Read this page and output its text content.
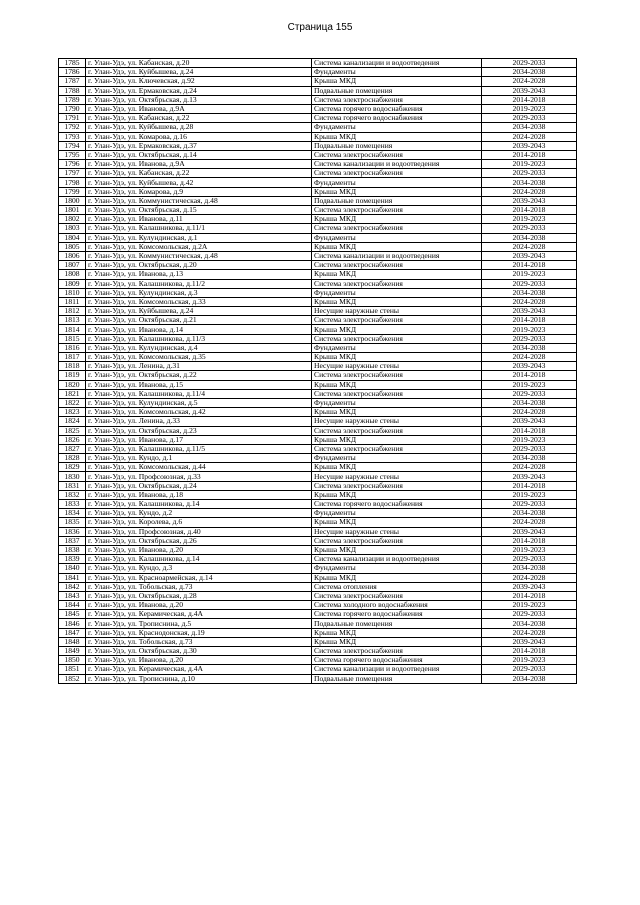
Страница 155
1785	г. Улан-Удэ, ул. Кабанская, д.20	Система канализации и водоотведения	2029-2033
1786	г. Улан-Удэ, ул. Куйбышева, д.24	Фундаменты	2034-2038
1787	г. Улан-Удэ, ул. Ключевская, д.92	Крыша МКД	2024-2028
1788	г. Улан-Удэ, ул. Ермаковская, д.24	Подвальные помещения	2039-2043
1789	г. Улан-Удэ, ул. Октябрьская, д.13	Система электроснабжения	2014-2018
1790	г. Улан-Удэ, ул. Иванова, д.9А	Система горячего водоснабжения	2019-2023
1791	г. Улан-Удэ, ул. Кабанская, д.22	Система горячего водоснабжения	2029-2033
1792	г. Улан-Удэ, ул. Куйбышева, д.28	Фундаменты	2034-2038
1793	г. Улан-Удэ, ул. Комарова, д.16	Крыша МКД	2024-2028
1794	г. Улан-Удэ, ул. Ермаковская, д.37	Подвальные помещения	2039-2043
1795	г. Улан-Удэ, ул. Октябрьская, д.14	Система электроснабжения	2014-2018
1796	г. Улан-Удэ, ул. Иванова, д.9А	Система канализации и водоотведения	2019-2023
1797	г. Улан-Удэ, ул. Кабанская, д.22	Система электроснабжения	2029-2033
1798	г. Улан-Удэ, ул. Куйбышева, д.42	Фундаменты	2034-2038
1799	г. Улан-Удэ, ул. Комарова, д.9	Крыша МКД	2024-2028
1800	г. Улан-Удэ, ул. Коммунистическая, д.48	Подвальные помещения	2039-2043
1801	г. Улан-Удэ, ул. Октябрьская, д.15	Система электроснабжения	2014-2018
1802	г. Улан-Удэ, ул. Иванова, д.11	Крыша МКД	2019-2023
1803	г. Улан-Удэ, ул. Калашникова, д.11/1	Система электроснабжения	2029-2033
1804	г. Улан-Удэ, ул. Кулундинская, д.1	Фундаменты	2034-2038
1805	г. Улан-Удэ, ул. Комсомольская, д.2А	Крыша МКД	2024-2028
1806	г. Улан-Удэ, ул. Коммунистическая, д.48	Система канализации и водоотведения	2039-2043
1807	г. Улан-Удэ, ул. Октябрьская, д.20	Система электроснабжения	2014-2018
1808	г. Улан-Удэ, ул. Иванова, д.13	Крыша МКД	2019-2023
1809	г. Улан-Удэ, ул. Калашникова, д.11/2	Система электроснабжения	2029-2033
1810	г. Улан-Удэ, ул. Кулундинская, д.3	Фундаменты	2034-2038
1811	г. Улан-Удэ, ул. Комсомольская, д.33	Крыша МКД	2024-2028
1812	г. Улан-Удэ, ул. Куйбышева, д.24	Несущие наружные стены	2039-2043
1813	г. Улан-Удэ, ул. Октябрьская, д.21	Система электроснабжения	2014-2018
1814	г. Улан-Удэ, ул. Иванова, д.14	Крыша МКД	2019-2023
1815	г. Улан-Удэ, ул. Калашникова, д.11/3	Система электроснабжения	2029-2033
1816	г. Улан-Удэ, ул. Кулундинская, д.4	Фундаменты	2034-2038
1817	г. Улан-Удэ, ул. Комсомольская, д.35	Крыша МКД	2024-2028
1818	г. Улан-Удэ, ул. Ленина, д.31	Несущие наружные стены	2039-2043
1819	г. Улан-Удэ, ул. Октябрьская, д.22	Система электроснабжения	2014-2018
1820	г. Улан-Удэ, ул. Иванова, д.15	Крыша МКД	2019-2023
1821	г. Улан-Удэ, ул. Калашникова, д.11/4	Система электроснабжения	2029-2033
1822	г. Улан-Удэ, ул. Кулундинская, д.5	Фундаменты	2034-2038
1823	г. Улан-Удэ, ул. Комсомольская, д.42	Крыша МКД	2024-2028
1824	г. Улан-Удэ, ул. Ленина, д.33	Несущие наружные стены	2039-2043
1825	г. Улан-Удэ, ул. Октябрьская, д.23	Система электроснабжения	2014-2018
1826	г. Улан-Удэ, ул. Иванова, д.17	Крыша МКД	2019-2023
1827	г. Улан-Удэ, ул. Калашникова, д.11/5	Система электроснабжения	2029-2033
1828	г. Улан-Удэ, ул. Кундо, д.1	Фундаменты	2034-2038
1829	г. Улан-Удэ, ул. Комсомольская, д.44	Крыша МКД	2024-2028
1830	г. Улан-Удэ, ул. Профсоюзная, д.33	Несущие наружные стены	2039-2043
1831	г. Улан-Удэ, ул. Октябрьская, д.24	Система электроснабжения	2014-2018
1832	г. Улан-Удэ, ул. Иванова, д.18	Крыша МКД	2019-2023
1833	г. Улан-Удэ, ул. Калашникова, д.14	Система горячего водоснабжения	2029-2033
1834	г. Улан-Удэ, ул. Кундо, д.2	Фундаменты	2034-2038
1835	г. Улан-Удэ, ул. Королева, д.6	Крыша МКД	2024-2028
1836	г. Улан-Удэ, ул. Профсоюзная, д.40	Несущие наружные стены	2039-2043
1837	г. Улан-Удэ, ул. Октябрьская, д.26	Система электроснабжения	2014-2018
1838	г. Улан-Удэ, ул. Иванова, д.20	Крыша МКД	2019-2023
1839	г. Улан-Удэ, ул. Калашникова, д.14	Система канализации и водоотведения	2029-2033
1840	г. Улан-Удэ, ул. Кундо, д.3	Фундаменты	2034-2038
1841	г. Улан-Удэ, ул. Красноармейская, д.14	Крыша МКД	2024-2028
1842	г. Улан-Удэ, ул. Тобольская, д.73	Система отопления	2039-2043
1843	г. Улан-Удэ, ул. Октябрьская, д.28	Система электроснабжения	2014-2018
1844	г. Улан-Удэ, ул. Иванова, д.20	Система холодного водоснабжения	2019-2023
1845	г. Улан-Удэ, ул. Керамическая, д.4А	Система горячего водоснабжения	2029-2033
1846	г. Улан-Удэ, ул. Трописнина, д.5	Подвальные помещения	2034-2038
1847	г. Улан-Удэ, ул. Краснодонская, д.19	Крыша МКД	2024-2028
1848	г. Улан-Удэ, ул. Тобольская, д.73	Крыша МКД	2039-2043
1849	г. Улан-Удэ, ул. Октябрьская, д.30	Система электроснабжения	2014-2018
1850	г. Улан-Удэ, ул. Иванова, д.20	Система горячего водоснабжения	2019-2023
1851	г. Улан-Удэ, ул. Керамическая, д.4А	Система канализации и водоотведения	2029-2033
1852	г. Улан-Удэ, ул. Трописнина, д.10	Подвальные помещения	2034-2038
